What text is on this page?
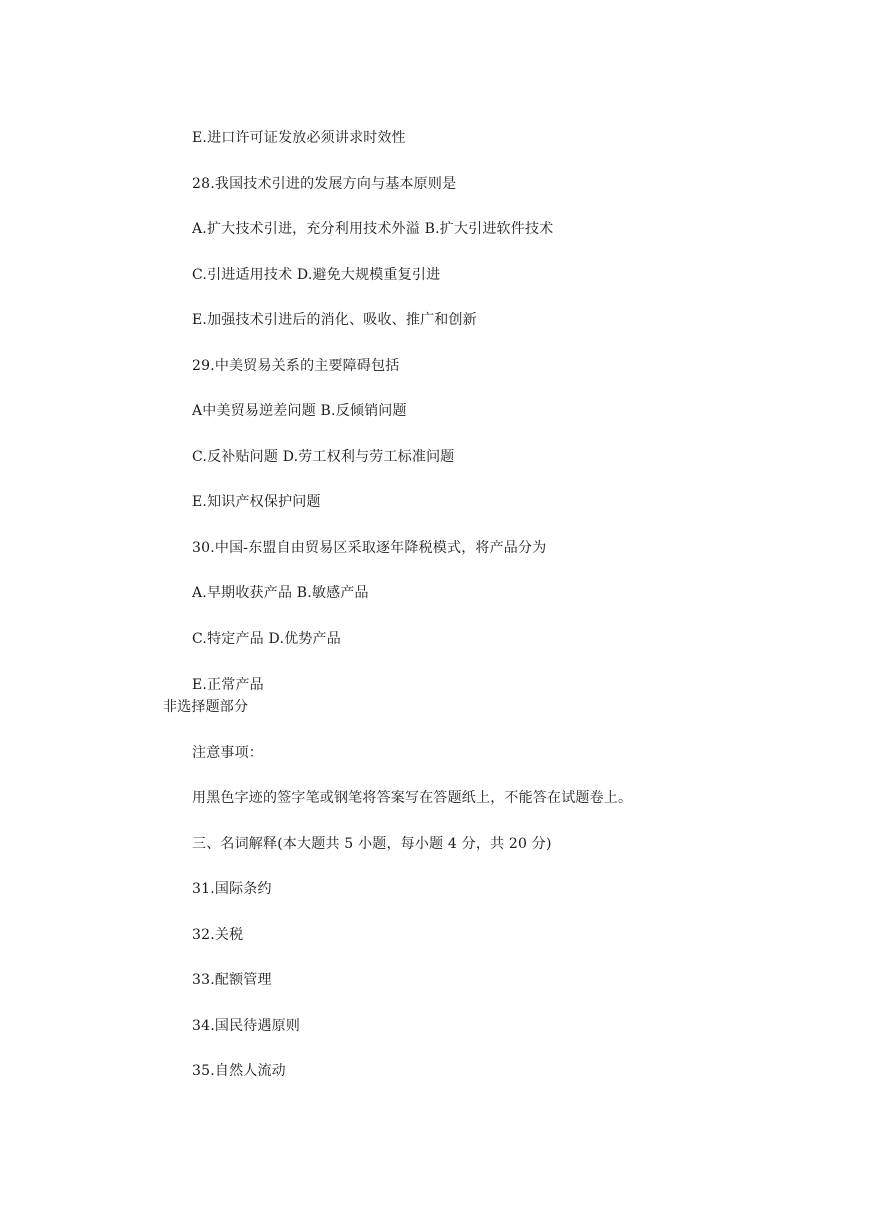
E.进口许可证发放必须讲求时效性
28.我国技术引进的发展方向与基本原则是
A.扩大技术引进，充分利用技术外溢 B.扩大引进软件技术
C.引进适用技术 D.避免大规模重复引进
E.加强技术引进后的消化、吸收、推广和创新
29.中美贸易关系的主要障碍包括
A中美贸易逆差问题 B.反倾销问题
C.反补贴问题 D.劳工权利与劳工标准问题
E.知识产权保护问题
30.中国-东盟自由贸易区采取逐年降税模式，将产品分为
A.早期收获产品 B.敏感产品
C.特定产品 D.优势产品
E.正常产品
非选择题部分
注意事项：
用黑色字迹的签字笔或钢笔将答案写在答题纸上，不能答在试题卷上。
三、名词解释(本大题共 5 小题，每小题 4 分，共 20 分)
31.国际条约
32.关税
33.配额管理
34.国民待遇原则
35.自然人流动
